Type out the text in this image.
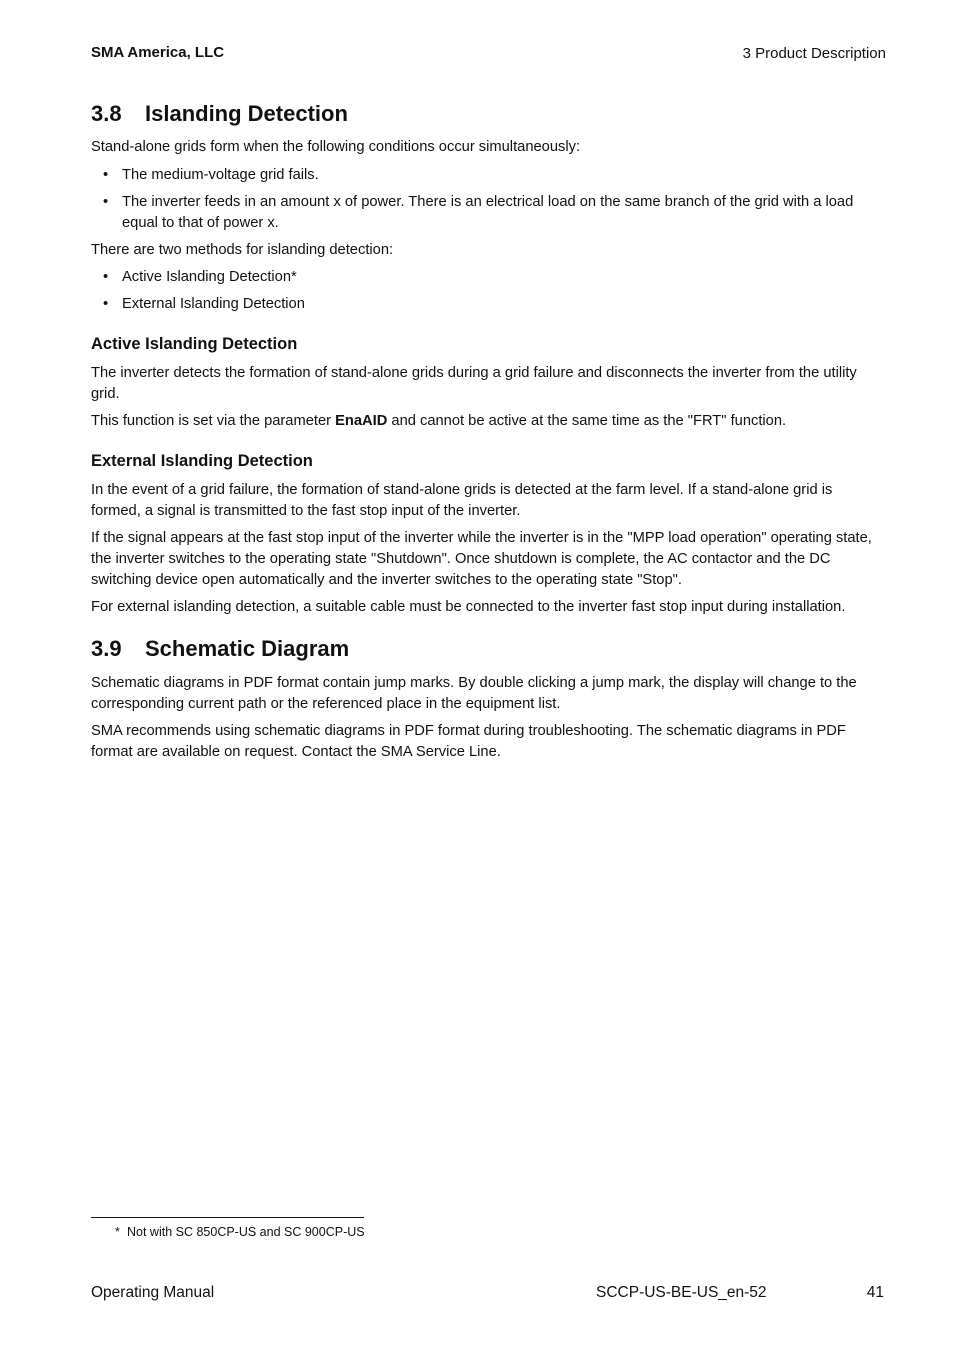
SMA America, LLC	3 Product Description
3.8 Islanding Detection

Stand-alone grids form when the following conditions occur simultaneously:

• The medium-voltage grid fails.
• The inverter feeds in an amount x of power. There is an electrical load on the same branch of the grid with a load equal to that of power x.

There are two methods for islanding detection:

• Active Islanding Detection*
• External Islanding Detection
Active Islanding Detection

The inverter detects the formation of stand-alone grids during a grid failure and disconnects the inverter from the utility grid.

This function is set via the parameter EnaAID and cannot be active at the same time as the "FRT" function.

External Islanding Detection

In the event of a grid failure, the formation of stand-alone grids is detected at the farm level. If a stand-alone grid is formed, a signal is transmitted to the fast stop input of the inverter.

If the signal appears at the fast stop input of the inverter while the inverter is in the "MPP load operation" operating state, the inverter switches to the operating state "Shutdown". Once shutdown is complete, the AC contactor and the DC switching device open automatically and the inverter switches to the operating state "Stop".

For external islanding detection, a suitable cable must be connected to the inverter fast stop input during installation.

3.9 Schematic Diagram

Schematic diagrams in PDF format contain jump marks. By double clicking a jump mark, the display will change to the corresponding current path or the referenced place in the equipment list.

SMA recommends using schematic diagrams in PDF format during troubleshooting. The schematic diagrams in PDF format are available on request. Contact the SMA Service Line.

* Not with SC 850CP-US and SC 900CP-US
Operating Manual	SCCP-US-BE-US_en-52	41
